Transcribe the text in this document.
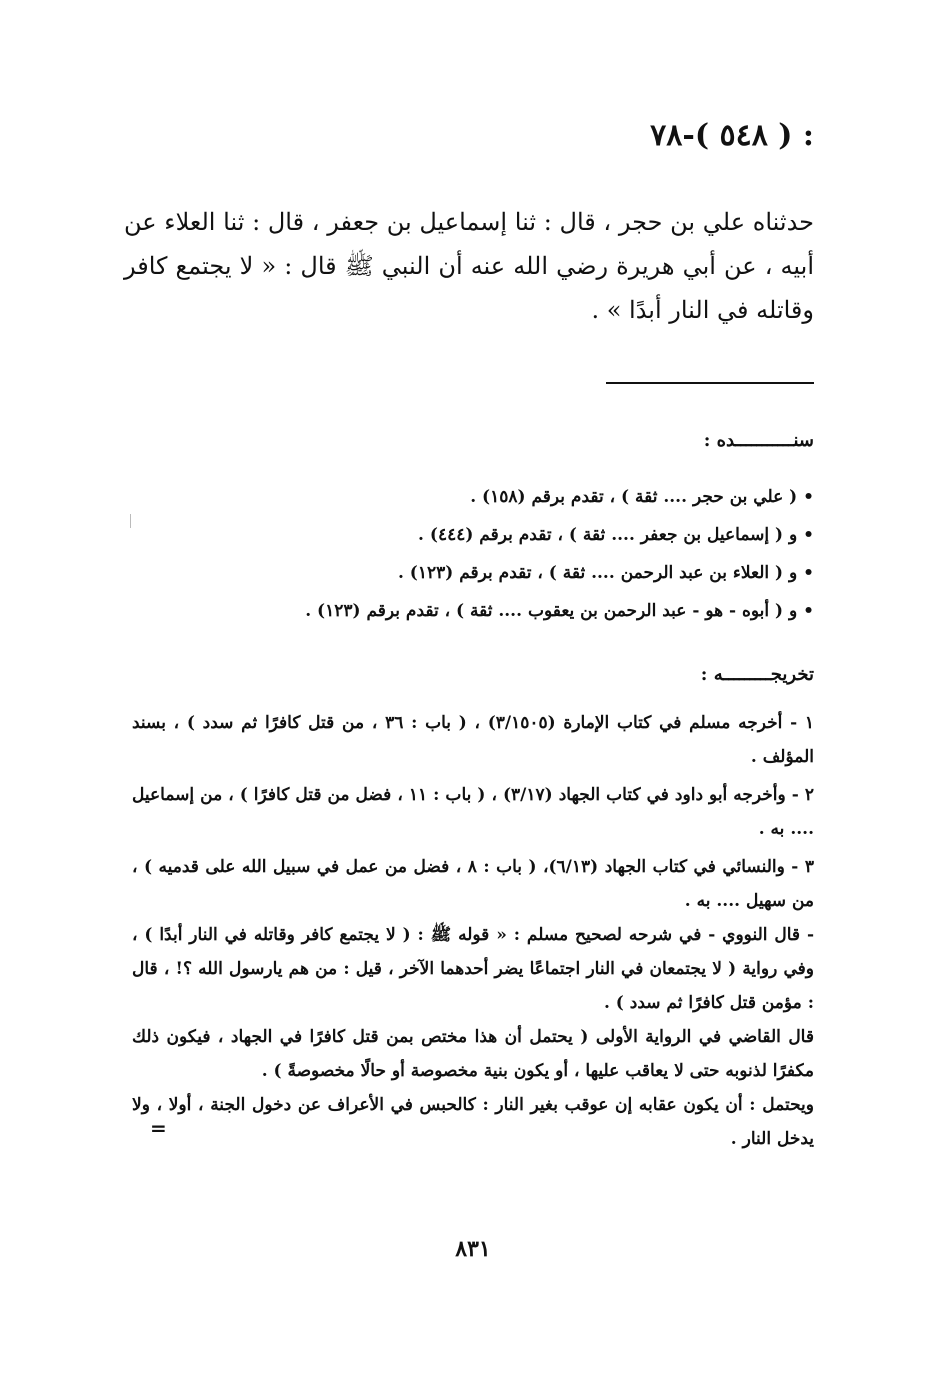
: ( ٥٤٨ )-٧٨
حدثناه علي بن حجر ، قال : ثنا إسماعيل بن جعفر ، قال : ثنا العلاء عن أبيه ، عن أبي هريرة رضي الله عنه أن النبي ﷺ قال : « لا يجتمع كافر وقاتله في النار أبدًا » .
سنـــــــــــده :
• ( علي بن حجر .... ثقة ) ، تقدم برقم (١٥٨) .
• و ( إسماعيل بن جعفر .... ثقة ) ، تقدم برقم (٤٤٤) .
• و ( العلاء بن عبد الرحمن .... ثقة ) ، تقدم برقم (١٢٣) .
• و ( أبوه - هو - عبد الرحمن بن يعقوب .... ثقة ) ، تقدم برقم (١٢٣) .
تخريجـــــــــه :
١ - أخرجه مسلم في كتاب الإمارة (٣/١٥٠٥) ، ( باب : ٣٦ ، من قتل كافرًا ثم سدد ) ، بسند المؤلف .
٢ - وأخرجه أبو داود في كتاب الجهاد (٣/١٧) ، ( باب : ١١ ، فضل من قتل كافرًا ) ، من إسماعيل .... به .
٣ - والنسائي في كتاب الجهاد (٦/١٣)، ( باب : ٨ ، فضل من عمل في سبيل الله على قدميه ) ، من سهيل .... به .
- قال النووي - في شرحه لصحيح مسلم : « قوله ﷺ : ( لا يجتمع كافر وقاتله في النار أبدًا ) ، وفي رواية ( لا يجتمعان في النار اجتماعًا يضر أحدهما الآخر ، قيل : من هم يارسول الله ؟! ، قال : مؤمن قتل كافرًا ثم سدد ) .
قال القاضي في الرواية الأولى ( يحتمل أن هذا مختص بمن قتل كافرًا في الجهاد ، فيكون ذلك مكفرًا لذنوبه حتى لا يعاقب عليها ، أو يكون بنية مخصوصة أو حالًا مخصوصةً ) .
ويحتمل : أن يكون عقابه إن عوقب بغير النار : كالحبس في الأعراف عن دخول الجنة ، أولا ، ولا يدخل النار .
=
٨٣١
